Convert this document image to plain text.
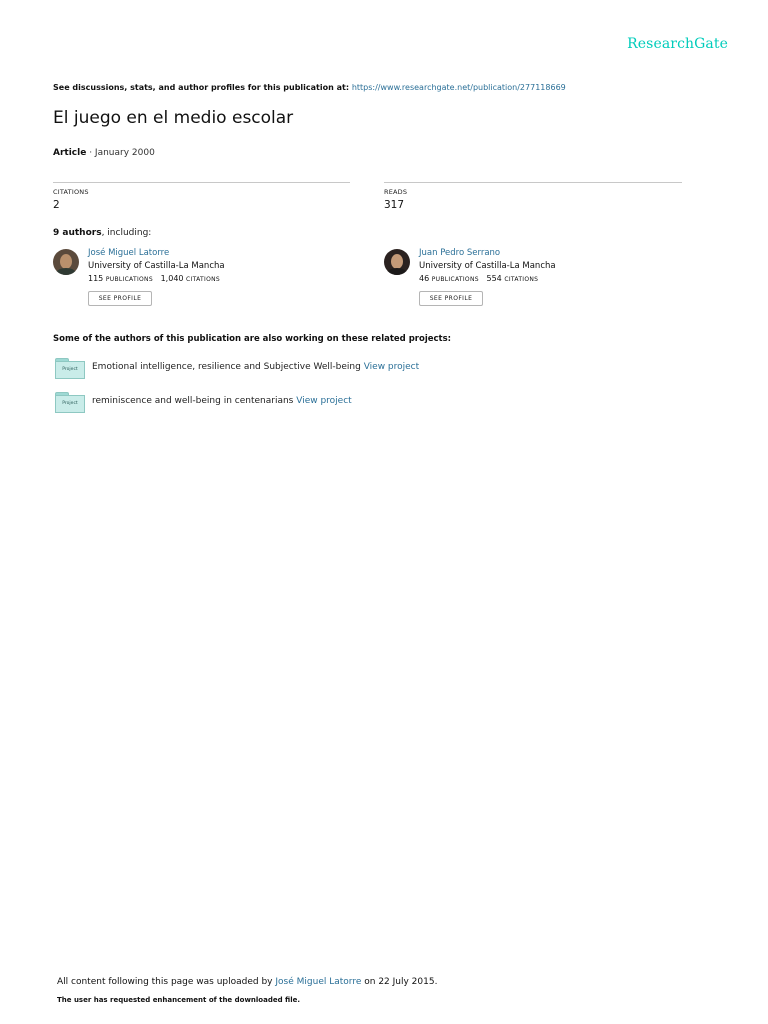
ResearchGate
See discussions, stats, and author profiles for this publication at: https://www.researchgate.net/publication/277118669
El juego en el medio escolar
Article · January 2000
CITATIONS
2
READS
317
9 authors, including:
José Miguel Latorre
University of Castilla-La Mancha
115 PUBLICATIONS 1,040 CITATIONS
SEE PROFILE
Juan Pedro Serrano
University of Castilla-La Mancha
46 PUBLICATIONS 554 CITATIONS
SEE PROFILE
Some of the authors of this publication are also working on these related projects:
Project	Emotional intelligence, resilience and Subjective Well-being View project
Project	reminiscence and well-being in centenarians View project
All content following this page was uploaded by José Miguel Latorre on 22 July 2015.
The user has requested enhancement of the downloaded file.
